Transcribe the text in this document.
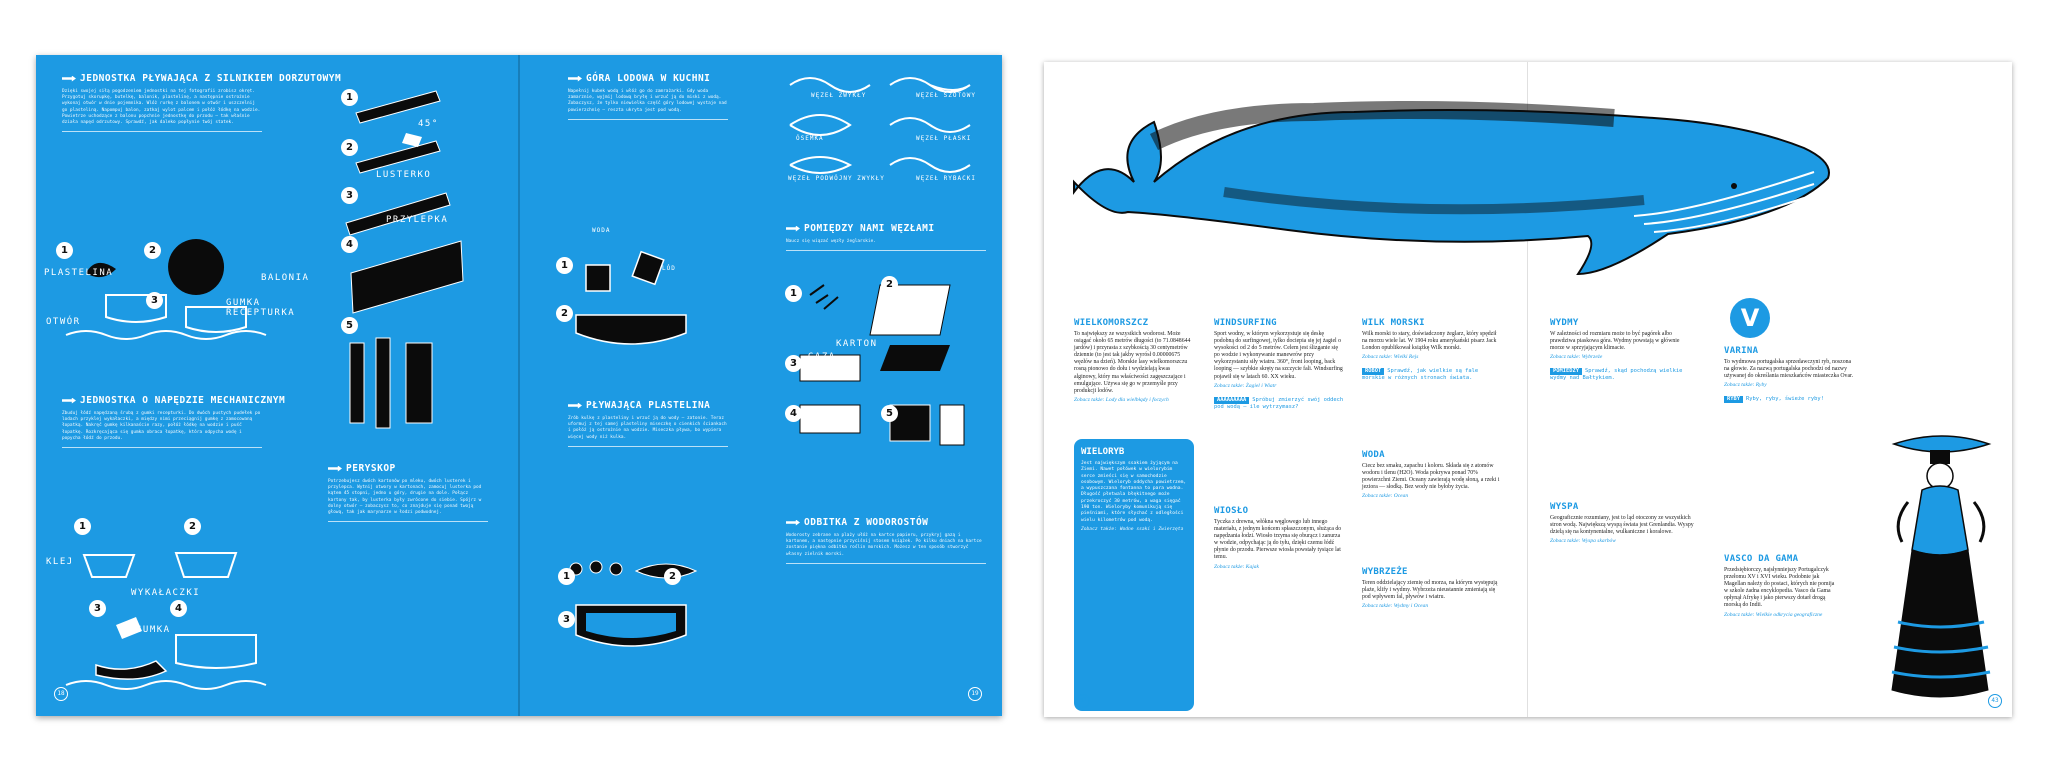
JEDNOSTKA PŁYWAJĄCA Z SILNIKIEM DORZUTOWYM

Dzięki swojej siłą pogodzeniem jednostki na tej fotografii zrobisz okręt. Przygotuj skorupkę, butelkę, balonik, plastelinę, a następnie ostrożnie wykonaj otwór w dnie pojemnika. Wlóż rurkę z balonem w otwór i uszczelnij go plasteliną. Napompuj balon, zatkaj wylot palcem i połóż łódkę na wodzie. Powietrze uchodzące z balonu popchnie jednostkę do przodu — tak właśnie działa napęd odrzutowy. Sprawdź, jak daleko popłynie twój statek.

1	2
3
PLASTELINA	BALONIA
GUMKA RECEPTURKA
OTWÓR
JEDNOSTKA O NAPĘDZIE MECHANICZNYM

Zbuduj łódź napędzaną śrubą z gumki recepturki. Do dwóch pustych pudełek po lodach przyklej wykałaczki, a między nimi przeciągnij gumkę z zamocowaną łopatką. Nakręć gumkę kilkanaście razy, połóż łódkę na wodzie i puść łopatkę. Rozkręcająca się gumka obraca łopatkę, która odpycha wodę i popycha łódź do przodu.

1	2
3	4
KLEJ
WYKAŁACZKI
GUMKA
18
1
2
3
4
5
45°
LUSTERKO
PRZYLEPKA
PERYSKOP

Potrzebujesz dwóch kartonów po mleku, dwóch lusterek i przylepca. Wytnij otwory w kartonach, zamocuj lusterka pod kątem 45 stopni, jedno u góry, drugie na dole. Połącz kartony tak, by lusterka były zwrócone do siebie. Spójrz w dolny otwór — zobaczysz to, co znajduje się ponad twoją głową, tak jak marynarze w łodzi podwodnej.

GÓRA LODOWA W KUCHNI

Napełnij kubek wodą i włóż go do zamrażarki. Gdy woda zamarznie, wyjmij lodową bryłę i wrzuć ją do miski z wodą. Zobaczysz, że tylko niewielka część góry lodowej wystaje nad powierzchnię — reszta ukryta jest pod wodą.

1
2
WODA
LÓD
PŁYWAJĄCA PLASTELINA

Zrób kulkę z plasteliny i wrzuć ją do wody — zatonie. Teraz uformuj z tej samej plasteliny miseczkę o cienkich ściankach i połóż ją ostrożnie na wodzie. Miseczka pływa, bo wypiera więcej wody niż kulka.

1	2
3
WĘZEŁ ZWYKŁY	WĘZEŁ SZOTOWY
WĘZEŁ PŁASKI
WĘZEŁ PODWÓJNY ZWYKŁY	WĘZEŁ RYBACKI
ÓSEMKA
POMIĘDZY NAMI WĘZŁAMI

Naucz się wiązać węzły żeglarskie.

1
2
3
4	5
KARTON
GAZA
ODBITKA Z WODOROSTÓW

Wodorosty zebrane na plaży ułóż na kartce papieru, przykryj gazą i kartonem, a następnie przyciśnij stosem książek. Po kilku dniach na kartce zostanie piękna odbitka roślin morskich. Możesz w ten sposób stworzyć własny zielnik morski.

19
WIELKOMORSZCZ

To największy ze wszystkich wodorost. Może osiągać około 65 metrów długości (to 71.0848644 jardów) i przyrasta z szybkością 30 centymetrów dziennie (to jest tak jakby wyrósł 0.00000675 węzłów na dzień). Morskie lasy wielkomorszczu rosną pionowo do dołu i wydzielają kwas alginowy, który ma właściwości zagęszczające i emulgujące. Używa się go w przemyśle przy produkcji lodów.

Zobacz także: Lody dla wielbłądy i foczych
WIELORYB

Jest największym ssakiem żyjącym na Ziemi. Nawet połówek w wielorybim serce zmieści się w samochodzie osobowym. Wieloryb oddycha powietrzem, a wypuszczana fontanna to para wodna. Długość płetwala błękitnego może przekroczyć 30 metrów, a waga sięgać 190 ton. Wieloryby komunikują się pieśniami, które słychać z odległości wielu kilometrów pod wodą.

Zobacz także: Wodne ssaki i Zwierzęta
WINDSURFING

Sport wodny, w którym wykorzystuje się deskę podobną do surfingowej, tylko dociepia się jej żagiel o wysokości od 2 do 5 metrów. Celem jest ślizganie się po wodzie i wykonywanie manewrów przy wykorzystaniu siły wiatru. 360°, front looping, back looping — szybkie skręty na szczycie fali. Windsurfing pojawił się w latach 60. XX wieku.

Zobacz także: Żagiel i Wiatr
AAAAAAAAA Spróbuj zmierzyć swój oddech pod wodą — ile wytrzymasz?
WIOSŁO

Tyczka z drewna, włókna węglowego lub innego materiału, z jednym końcem spłaszczonym, służąca do napędzania łodzi. Wiosło trzyma się oburącz i zanurza w wodzie, odpychając ją do tyłu, dzięki czemu łódź płynie do przodu. Pierwsze wiosła powstały tysiące lat temu.

Zobacz także: Kajak
WILK MORSKI

Wilk morski to stary, doświadczony żeglarz, który spędził na morzu wiele lat. W 1904 roku amerykański pisarz Jack London opublikował książkę Wilk morski.

Zobacz także: Wielki Rejs
ROBOT Sprawdź, jak wielkie są fale morskie w różnych stronach świata.
WODA

Ciecz bez smaku, zapachu i koloru. Składa się z atomów wodoru i tlenu (H2O). Woda pokrywa ponad 70% powierzchni Ziemi. Oceany zawierają wodę słoną, a rzeki i jeziora — słodką. Bez wody nie byłoby życia.

Zobacz także: Ocean
WYBRZEŻE

Teren oddzielający ziemię od morza, na którym występują plaże, klify i wydmy. Wybrzeża nieustannie zmieniają się pod wpływem fal, pływów i wiatru.

Zobacz także: Wydmy i Ocean
WYDMY

W zależności od rozmiaru może to być pagórek albo prawdziwa piaskowa góra. Wydmy powstają w głównie morze w sprzyjającym klimacie.

Zobacz także: Wybrzeże
POMIEDZY Sprawdź, skąd pochodzą wielkie wydmy nad Bałtykiem.
WYSPA

Geograficznie rozumiany, jest to ląd otoczony ze wszystkich stron wodą. Największą wyspą świata jest Grenlandia. Wyspy dzielą się na kontynentalne, wulkaniczne i koralowe.

Zobacz także: Wyspa skarbów
V
VARINA

To wydmowa portugalska sprzedawczyni ryb, noszona na głowie. Za nazwą portugalska pochodzi od nazwy używanej do określania mieszkańców miasteczka Ovar.

Zobacz także: Ryby
RYBY Ryby, ryby, świeże ryby!
VASCO DA GAMA

Przedsiębiorczy, najsłynniejszy Portugalczyk przełomu XV i XVI wieku. Podobnie jak Magellan należy do postaci, których nie pomija w szkole żadna encyklopedia. Vasco da Gama opłynął Afrykę i jako pierwszy dotarł drogą morską do Indii.

Zobacz także: Wielkie odkrycia geograficzne
42	43
